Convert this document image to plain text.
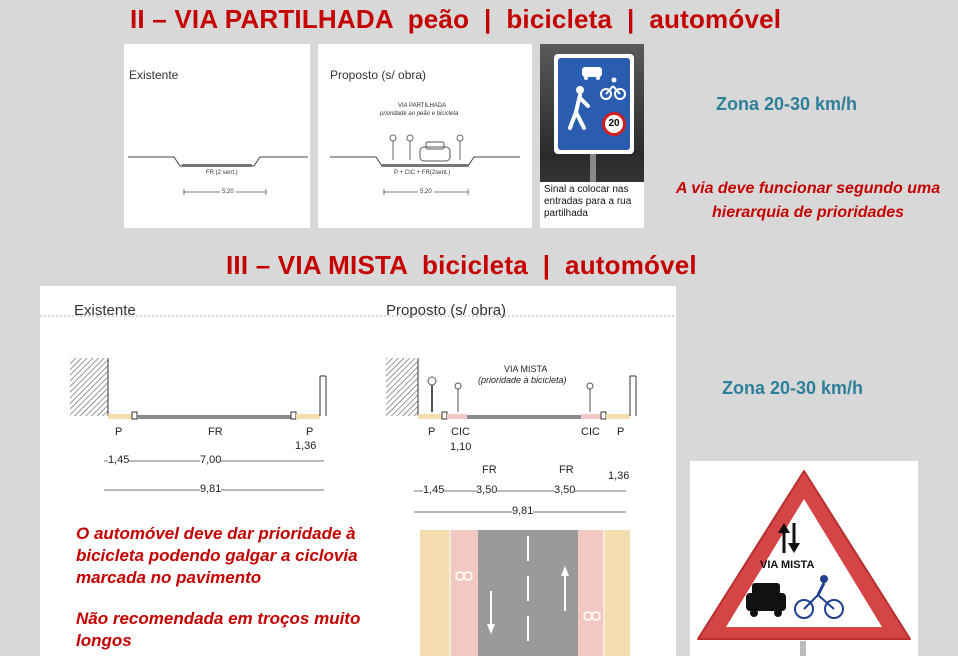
II – VIA PARTILHADA  peão  |  bicicleta  |  automóvel
Existente
FR (2 sent.)
5,20
Proposto (s/ obra)
VIA PARTILHADA
prioridade ao peão e bicicleta
P + CIC + FR(2sent.)
5,20
20
Sinal a colocar nas entradas para a rua partilhada
Zona 20-30 km/h
A via deve funcionar segundo uma hierarquia de prioridades
III – VIA MISTA  bicicleta  |  automóvel
Existente	Proposto (s/ obra)
VIA MISTA
(prioridade à bicicleta)
P	FR	P
1,36
1,45	7,00
9,81
P CIC	CIC P
1,10
FR	FR	1,36
1,45	3,50	3,50
9,81
O automóvel deve dar prioridade à bicicleta podendo galgar a ciclovia marcada no pavimento
Não recomendada em troços muito longos
Zona 20-30 km/h
VIA MISTA
